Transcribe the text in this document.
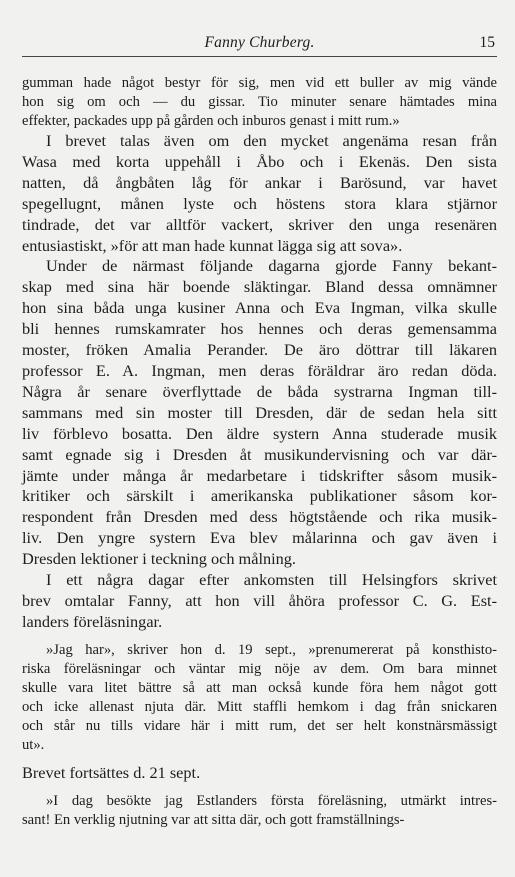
Fanny Churberg.	15
gumman hade något bestyr för sig, men vid ett buller av mig vände
hon sig om och — du gissar. Tio minuter senare hämtades mina
effekter, packades upp på gården och inburos genast i mitt rum.»
I brevet talas även om den mycket angenäma resan från
Wasa med korta uppehåll i Åbo och i Ekenäs. Den sista
natten, då ångbåten låg för ankar i Barösund, var havet
spegellugnt, månen lyste och höstens stora klara stjärnor
tindrade, det var alltför vackert, skriver den unga resenären
entusiastiskt, »för att man hade kunnat lägga sig att sova».
Under de närmast följande dagarna gjorde Fanny bekant-
skap med sina här boende släktingar. Bland dessa omnämner
hon sina båda unga kusiner Anna och Eva Ingman, vilka skulle
bli hennes rumskamrater hos hennes och deras gemensamma
moster, fröken Amalia Perander. De äro döttrar till läkaren
professor E. A. Ingman, men deras föräldrar äro redan döda.
Några år senare överflyttade de båda systrarna Ingman till-
sammans med sin moster till Dresden, där de sedan hela sitt
liv förblevo bosatta. Den äldre systern Anna studerade musik
samt egnade sig i Dresden åt musikundervisning och var där-
jämte under många år medarbetare i tidskrifter såsom musik-
kritiker och särskilt i amerikanska publikationer såsom kor-
respondent från Dresden med dess högtstående och rika musik-
liv. Den yngre systern Eva blev målarinna och gav även i
Dresden lektioner i teckning och målning.
I ett några dagar efter ankomsten till Helsingfors skrivet
brev omtalar Fanny, att hon vill åhöra professor C. G. Est-
landers föreläsningar.
»Jag har», skriver hon d. 19 sept., »prenumererat på konsthisto-
riska föreläsningar och väntar mig nöje av dem. Om bara minnet
skulle vara litet bättre så att man också kunde föra hem något gott
och icke allenast njuta där. Mitt staffli hemkom i dag från snickaren
och står nu tills vidare här i mitt rum, det ser helt konstnärsmässigt
ut».
Brevet fortsättes d. 21 sept.
»I dag besökte jag Estlanders första föreläsning, utmärkt intres-
sant! En verklig njutning var att sitta där, och gott framställnings-
